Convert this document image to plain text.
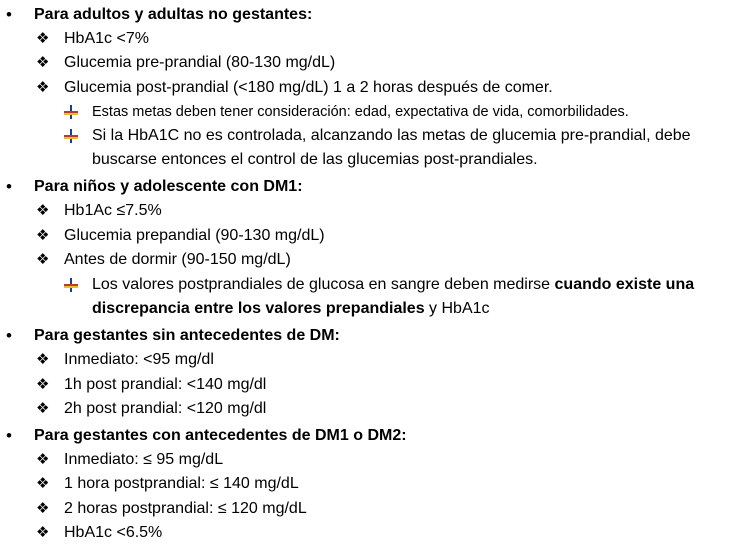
• Para adultos y adultas no gestantes:
❖ HbA1c <7%
❖ Glucemia pre-prandial (80-130 mg/dL)
❖ Glucemia post-prandial (<180 mg/dL) 1 a 2 horas después de comer.
Estas metas deben tener consideración: edad, expectativa de vida, comorbilidades.
Si la HbA1C no es controlada, alcanzando las metas de glucemia pre-prandial, debe
buscarse entonces el control de las glucemias post-prandiales.
• Para niños y adolescente con DM1:
❖ Hb1Ac ≤7.5%
❖ Glucemia prepandial (90-130 mg/dL)
❖ Antes de dormir (90-150 mg/dL)
Los valores postprandiales de glucosa en sangre deben medirse cuando existe una
discrepancia entre los valores prepandiales y HbA1c
• Para gestantes sin antecedentes de DM:
❖ Inmediato: <95 mg/dl
❖ 1h post prandial: <140 mg/dl
❖ 2h post prandial: <120 mg/dl
• Para gestantes con antecedentes de DM1 o DM2:
❖ Inmediato: ≤ 95 mg/dL
❖ 1 hora postprandial: ≤ 140 mg/dL
❖ 2 horas postprandial: ≤ 120 mg/dL
❖ HbA1c <6.5%
